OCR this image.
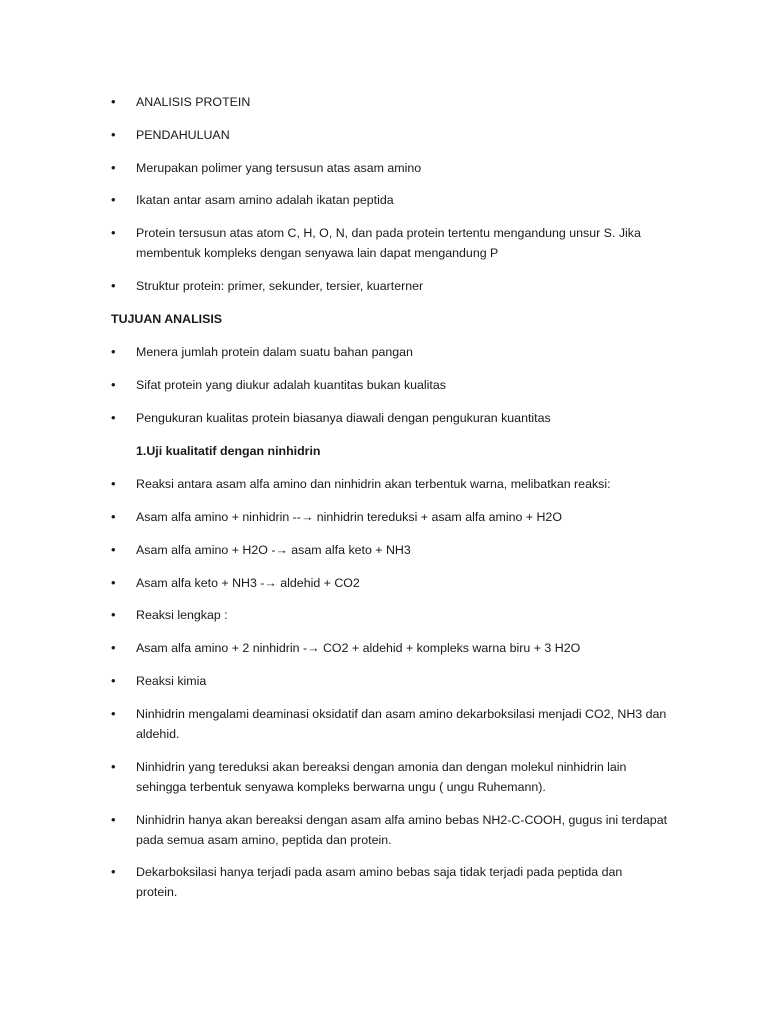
•	ANALISIS PROTEIN
•	PENDAHULUAN
•	Merupakan polimer yang tersusun atas asam amino
•	Ikatan antar asam amino adalah ikatan peptida
•	Protein tersusun atas atom C, H, O, N, dan pada protein tertentu mengandung unsur S. Jika membentuk kompleks dengan senyawa lain dapat mengandung P
•	Struktur protein: primer, sekunder, tersier, kuarterner
TUJUAN ANALISIS
•	Menera jumlah protein dalam suatu bahan pangan
•	Sifat protein yang diukur adalah kuantitas bukan kualitas
•	Pengukuran kualitas protein biasanya diawali dengan pengukuran kuantitas
1.Uji kualitatif dengan ninhidrin
•	Reaksi antara asam alfa amino dan ninhidrin akan terbentuk warna, melibatkan reaksi:
•	Asam alfa amino + ninhidrin --→ ninhidrin tereduksi + asam alfa amino + H2O
•	Asam alfa amino + H2O -→ asam alfa keto + NH3
•	Asam alfa keto + NH3 -→ aldehid + CO2
•	Reaksi lengkap :
•	Asam alfa amino + 2 ninhidrin -→ CO2 + aldehid + kompleks warna biru + 3 H2O
•	Reaksi kimia
•	Ninhidrin mengalami deaminasi oksidatif dan asam amino dekarboksilasi menjadi CO2, NH3 dan aldehid.
•	Ninhidrin yang tereduksi akan bereaksi dengan amonia dan dengan molekul ninhidrin lain sehingga terbentuk senyawa kompleks berwarna ungu ( ungu Ruhemann).
•	Ninhidrin hanya akan bereaksi dengan asam alfa amino bebas NH2-C-COOH, gugus ini terdapat pada semua asam amino, peptida dan protein.
•	Dekarboksilasi hanya terjadi pada asam amino bebas saja tidak terjadi pada peptida dan protein.
